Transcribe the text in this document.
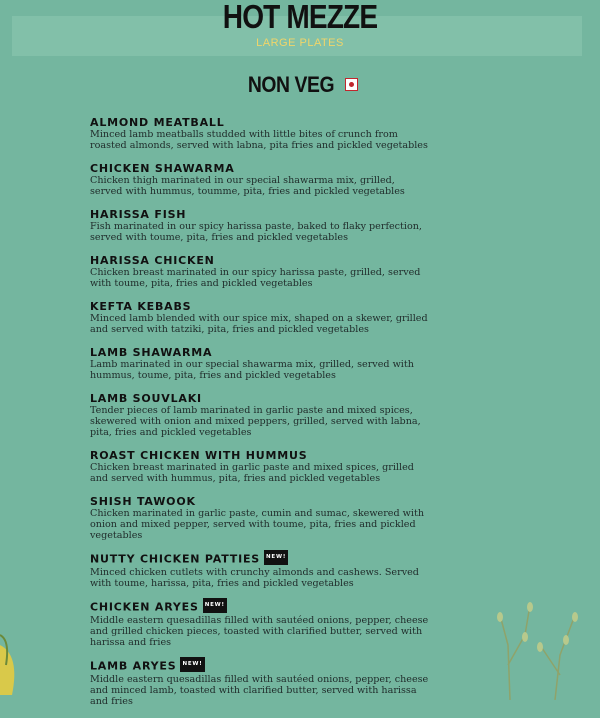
HOT MEZZE
LARGE PLATES
NON VEG
ALMOND MEATBALL
Minced lamb meatballs studded with little bites of crunch from roasted almonds, served with labna, pita fries and pickled vegetables
CHICKEN SHAWARMA
Chicken thigh marinated in our special shawarma mix, grilled, served with hummus, toumme, pita, fries and pickled vegetables
HARISSA FISH
Fish marinated in our spicy harissa paste, baked to flaky perfection, served with toume, pita, fries and pickled vegetables
HARISSA CHICKEN
Chicken breast marinated in our spicy harissa paste, grilled, served with toume, pita, fries and pickled vegetables
KEFTA KEBABS
Minced lamb blended with our spice mix, shaped on a skewer, grilled and served with tatziki, pita, fries and pickled vegetables
LAMB SHAWARMA
Lamb marinated in our special shawarma mix, grilled, served with hummus, toume, pita, fries and pickled vegetables
LAMB SOUVLAKI
Tender pieces of lamb marinated in garlic paste and mixed spices, skewered with onion and mixed peppers, grilled, served with labna, pita, fries and pickled vegetables
ROAST CHICKEN WITH HUMMUS
Chicken breast marinated in garlic paste and mixed spices, grilled and served with hummus, pita, fries and pickled vegetables
SHISH TAWOOK
Chicken marinated in garlic paste, cumin and sumac, skewered with onion and mixed pepper, served with toume, pita, fries and pickled vegetables
NUTTY CHICKEN PATTIES NEW!
Minced chicken cutlets with crunchy almonds and cashews. Served with toume, harissa, pita, fries and pickled vegetables
CHICKEN ARYES NEW!
Middle eastern quesadillas filled with sautéed onions, pepper, cheese and grilled chicken pieces, toasted with clarified butter, served with harissa and fries
LAMB ARYES NEW!
Middle eastern quesadillas filled with sautéed onions, pepper, cheese and minced lamb, toasted with clarified butter, served with harissa and fries
